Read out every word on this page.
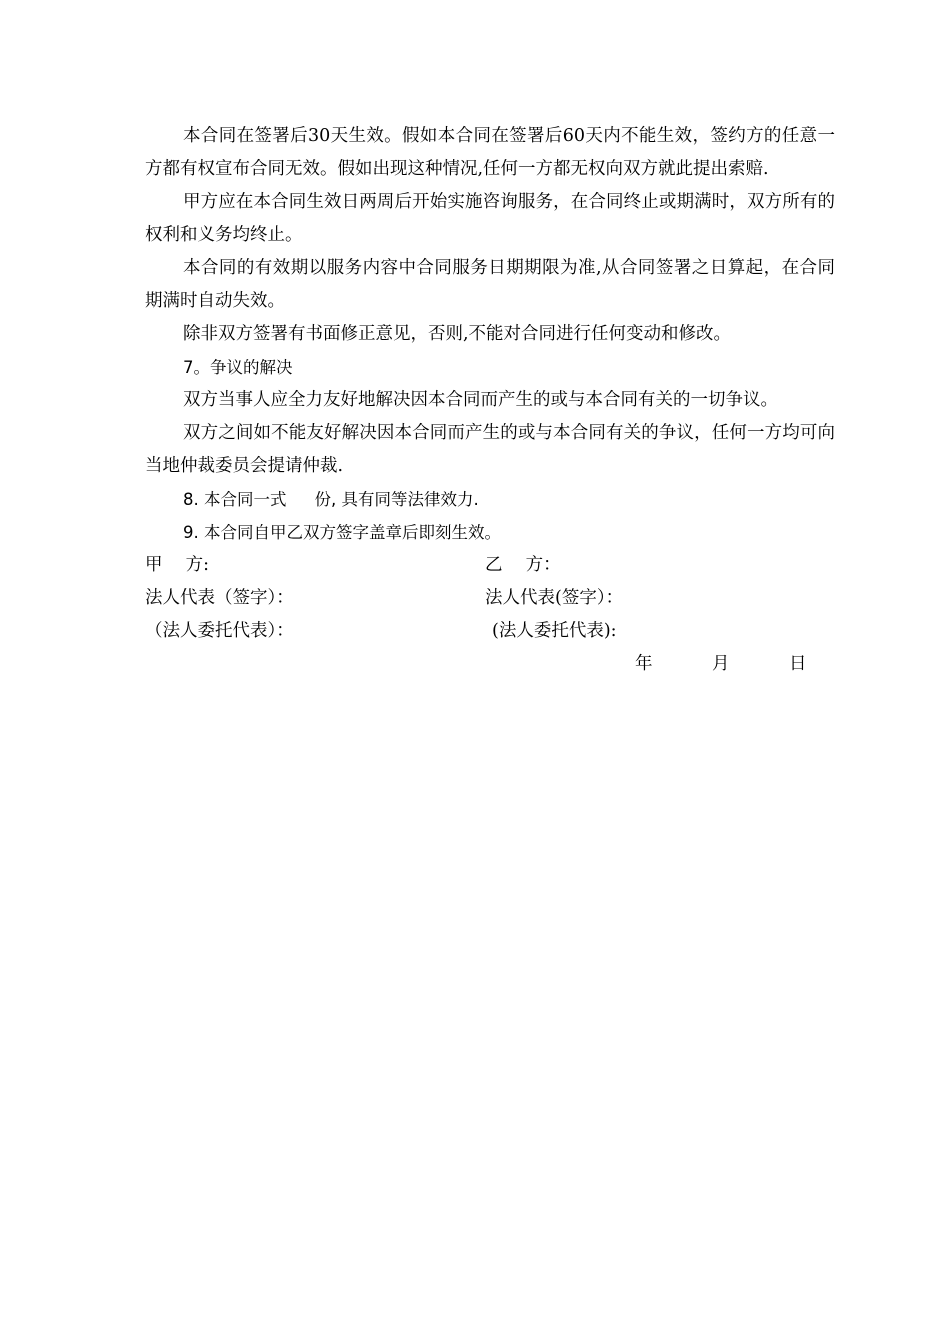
本合同在签署后30天生效。假如本合同在签署后60天内不能生效，签约方的任意一方都有权宣布合同无效。假如出现这种情况,任何一方都无权向双方就此提出索赔.

甲方应在本合同生效日两周后开始实施咨询服务，在合同终止或期满时，双方所有的权利和义务均终止。

本合同的有效期以服务内容中合同服务日期期限为准,从合同签署之日算起，在合同期满时自动失效。

除非双方签署有书面修正意见，否则,不能对合同进行任何变动和修改。

7。争议的解决

双方当事人应全力友好地解决因本合同而产生的或与本合同有关的一切争议。

双方之间如不能友好解决因本合同而产生的或与本合同有关的争议，任何一方均可向当地仲裁委员会提请仲裁.

8. 本合同一式 份, 具有同等法律效力.

9. 本合同自甲乙双方签字盖章后即刻生效。

甲　 方:	乙　 方：
法人代表（签字）：	法人代表(签字）：
（法人委托代表）：	(法人委托代表):
年	月	日
